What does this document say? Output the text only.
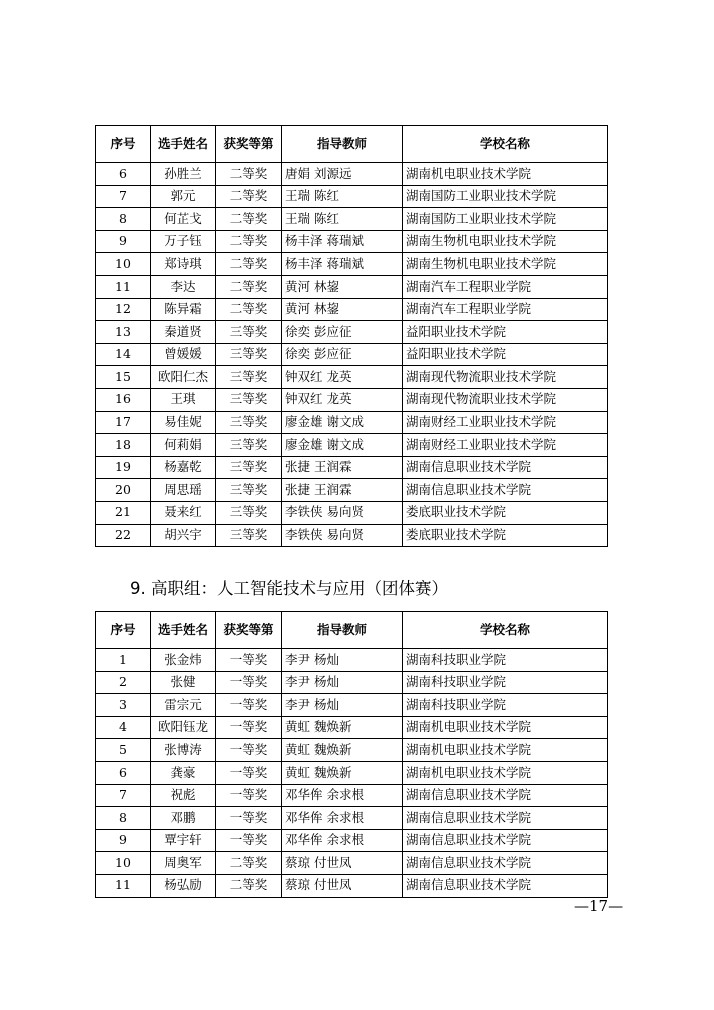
序号	选手姓名	获奖等第	指导教师	学校名称
6	孙胜兰	二等奖	唐娟 刘源远	湖南机电职业技术学院
7	郭元	二等奖	王瑞 陈红	湖南国防工业职业技术学院
8	何芷戈	二等奖	王瑞 陈红	湖南国防工业职业技术学院
9	万子钰	二等奖	杨丰泽 蒋瑞斌	湖南生物机电职业技术学院
10	郑诗琪	二等奖	杨丰泽 蒋瑞斌	湖南生物机电职业技术学院
11	李达	二等奖	黄河 林鋆	湖南汽车工程职业学院
12	陈异霜	二等奖	黄河 林鋆	湖南汽车工程职业学院
13	秦道贤	三等奖	徐奕 彭应征	益阳职业技术学院
14	曾媛媛	三等奖	徐奕 彭应征	益阳职业技术学院
15	欧阳仁杰	三等奖	钟双红 龙英	湖南现代物流职业技术学院
16	王琪	三等奖	钟双红 龙英	湖南现代物流职业技术学院
17	易佳妮	三等奖	廖金雄 谢文成	湖南财经工业职业技术学院
18	何莉娟	三等奖	廖金雄 谢文成	湖南财经工业职业技术学院
19	杨嘉乾	三等奖	张捷 王润霖	湖南信息职业技术学院
20	周思瑶	三等奖	张捷 王润霖	湖南信息职业技术学院
21	聂来红	三等奖	李铁侠 易向贤	娄底职业技术学院
22	胡兴宇	三等奖	李铁侠 易向贤	娄底职业技术学院
9. 高职组：人工智能技术与应用（团体赛）
序号	选手姓名	获奖等第	指导教师	学校名称
1	张金炜	一等奖	李尹 杨灿	湖南科技职业学院
2	张健	一等奖	李尹 杨灿	湖南科技职业学院
3	雷宗元	一等奖	李尹 杨灿	湖南科技职业学院
4	欧阳钰龙	一等奖	黄虹 魏焕新	湖南机电职业技术学院
5	张博涛	一等奖	黄虹 魏焕新	湖南机电职业技术学院
6	龚豪	一等奖	黄虹 魏焕新	湖南机电职业技术学院
7	祝彪	一等奖	邓华侔 余求根	湖南信息职业技术学院
8	邓鹏	一等奖	邓华侔 余求根	湖南信息职业技术学院
9	覃宇轩	一等奖	邓华侔 余求根	湖南信息职业技术学院
10	周奥军	二等奖	蔡琼 付世凤	湖南信息职业技术学院
11	杨弘励	二等奖	蔡琼 付世凤	湖南信息职业技术学院
—17—
